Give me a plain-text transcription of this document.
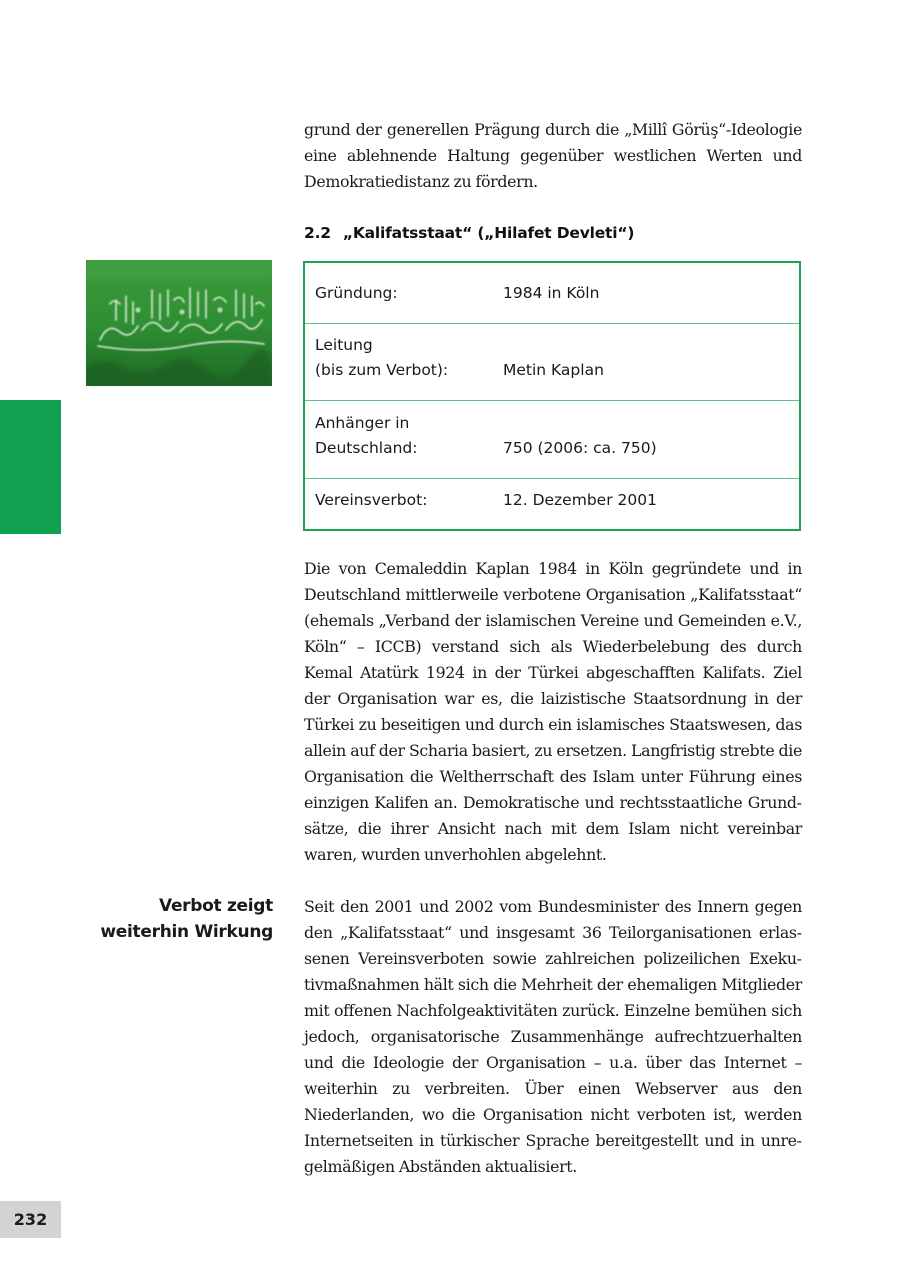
grund der generellen Prägung durch die „Millî Görüş“-Ideologie eine ablehnende Haltung gegenüber westlichen Werten und Demokratiedistanz zu fördern.

2.2 „Kalifatsstaat“ („Hilafet Devleti“)
Gründung:	1984 in Köln
Leitung
(bis zum Verbot):	Metin Kaplan
Anhänger in
Deutschland:	750 (2006: ca. 750)
Vereinsverbot:	12. Dezember 2001

Die von Cemaleddin Kaplan 1984 in Köln gegründete und in Deutschland mittlerweile verbotene Organisation „Kalifatsstaat“ (ehemals „Verband der islamischen Vereine und Gemeinden e.V., Köln“ – ICCB) verstand sich als Wiederbelebung des durch Kemal Atatürk 1924 in der Türkei abgeschafften Kalifats. Ziel der Organisation war es, die laizistische Staatsordnung in der Türkei zu beseitigen und durch ein islamisches Staatswesen, das allein auf der Scharia basiert, zu ersetzen. Langfristig strebte die Organisation die Weltherrschaft des Islam unter Führung eines einzigen Kalifen an. Demokratische und rechtsstaatliche Grundsätze, die ihrer Ansicht nach mit dem Islam nicht vereinbar waren, wurden unverhohlen abgelehnt.

Verbot zeigt
weiterhin Wirkung

Seit den 2001 und 2002 vom Bundesminister des Innern gegen den „Kalifatsstaat“ und insgesamt 36 Teilorganisationen erlassenen Vereinsverboten sowie zahlreichen polizeilichen Exekutivmaßnahmen hält sich die Mehrheit der ehemaligen Mitglieder mit offenen Nachfolgeaktivitäten zurück. Einzelne bemühen sich jedoch, organisatorische Zusammenhänge aufrechtzuerhalten und die Ideologie der Organisation – u.a. über das Internet – weiterhin zu verbreiten. Über einen Webserver aus den Niederlanden, wo die Organisation nicht verboten ist, werden Internetseiten in türkischer Sprache bereitgestellt und in unregelmäßigen Abständen aktualisiert.

232
